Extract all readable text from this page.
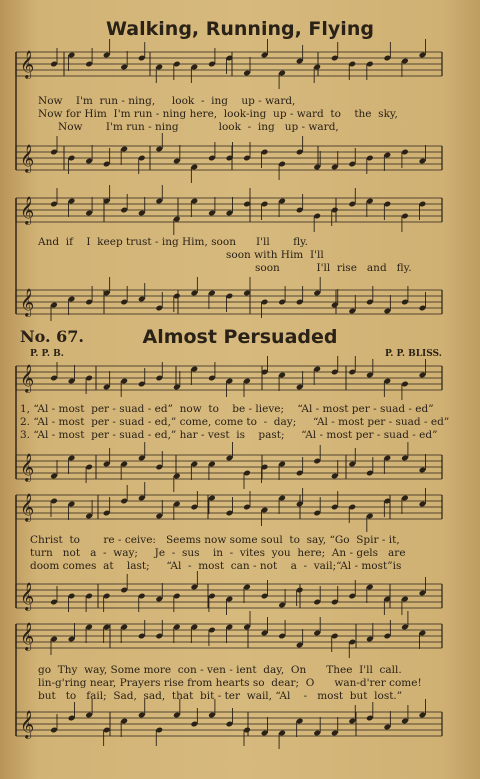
𝄞
𝄞
𝄞
𝄞
𝄞
𝄞
𝄞
𝄞
𝄞
𝄞
Walking, Running, Flying
Now    I'm  run - ning,     look  -  ing    up - ward,
Now for Him  I'm run - ning here,  look-ing  up - ward  to    the  sky,
Now       I'm run - ning            look  -  ing   up - ward,
And  if    I  keep trust - ing Him, soon      I'll       fly.
soon with Him  I'll
soon           I'll  rise   and   fly.
No. 67.	Almost Persuaded
P. P. B.	P. P. BLISS.
1, “Al - most  per - suad - ed”  now  to    be - lieve;    “Al - most per - suad - ed”
2. “Al - most  per - suad - ed,” come, come to  -  day;     “Al - most per - suad - ed”
3. “Al - most  per - suad - ed,” har - vest  is    past;     “Al - most per - suad - ed”
Christ  to       re - ceive:   Seems now some soul  to  say, “Go  Spir - it,
turn   not   a  -  way;     Je  -  sus    in  -  vites  you  here;  An - gels   are
doom comes  at    last;     “Al  -  most  can - not    a  -  vail;“Al - most”is
go  Thy  way, Some more  con - ven - ient  day,  On      Thee  I'll  call.
lin-g'ring near, Prayers rise from hearts so  dear;  O      wan-d'rer come!
but   to   fail;  Sad,  sad,  that  bit - ter  wail, “Al    -   most  but  lost.”
